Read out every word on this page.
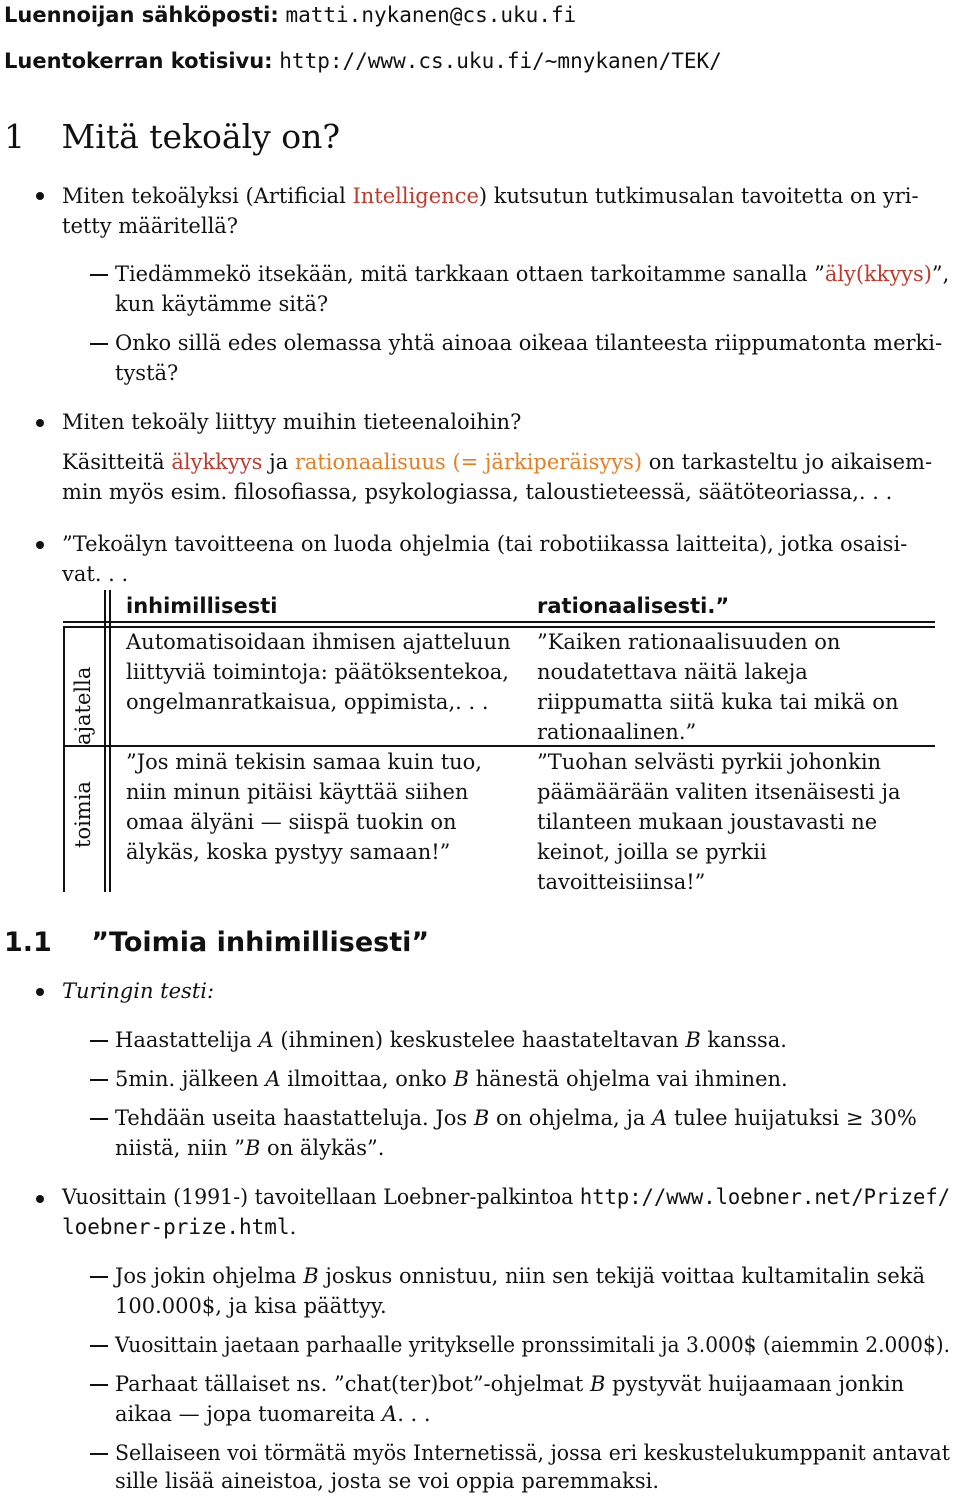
Luennoijan sähköposti: matti.nykanen@cs.uku.fi
Luentokerran kotisivu: http://www.cs.uku.fi/~mnykanen/TEK/
1 Mitä tekoäly on?
Miten tekoälyksi (Artificial Intelligence) kutsutun tutkimusalan tavoitetta on yri-
tetty määritellä?
Tiedämmekö itsekään, mitä tarkkaan ottaen tarkoitamme sanalla ”äly(kkyys)”,
kun käytämme sitä?
Onko sillä edes olemassa yhtä ainoaa oikeaa tilanteesta riippumatonta merki-
tystä?
Miten tekoäly liittyy muihin tieteenaloihin?
Käsitteitä älykkyys ja rationaalisuus (= järkiperäisyys) on tarkasteltu jo aikaisem-
min myös esim. filosofiassa, psykologiassa, taloustieteessä, säätöteoriassa,. . .
”Tekoälyn tavoitteena on luoda ohjelmia (tai robotiikassa laitteita), jotka osaisi-
vat. . .
inhimillisesti	rationaalisesti.”
ajatella
toimia
Automatisoidaan ihmisen ajatteluun
liittyviä toimintoja: päätöksentekoa,
ongelmanratkaisua, oppimista,. . .
”Kaiken rationaalisuuden on
noudatettava näitä lakeja
riippumatta siitä kuka tai mikä on
rationaalinen.”
”Jos minä tekisin samaa kuin tuo,
niin minun pitäisi käyttää siihen
omaa älyäni — siispä tuokin on
älykäs, koska pystyy samaan!”
”Tuohan selvästi pyrkii johonkin
päämäärään valiten itsenäisesti ja
tilanteen mukaan joustavasti ne
keinot, joilla se pyrkii
tavoitteisiinsa!”
1.1 ”Toimia inhimillisesti”
Turingin testi:
Haastattelija A (ihminen) keskustelee haastateltavan B kanssa.
5min. jälkeen A ilmoittaa, onko B hänestä ohjelma vai ihminen.
Tehdään useita haastatteluja. Jos B on ohjelma, ja A tulee huijatuksi ≥ 30%
niistä, niin ”B on älykäs”.
Vuosittain (1991-) tavoitellaan Loebner-palkintoa http://www.loebner.net/Prizef/
loebner-prize.html.
Jos jokin ohjelma B joskus onnistuu, niin sen tekijä voittaa kultamitalin sekä
100.000$, ja kisa päättyy.
Vuosittain jaetaan parhaalle yritykselle pronssimitali ja 3.000$ (aiemmin 2.000$).
Parhaat tällaiset ns. ”chat(ter)bot”-ohjelmat B pystyvät huijaamaan jonkin
aikaa — jopa tuomareita A. . .
Sellaiseen voi törmätä myös Internetissä, jossa eri keskustelukumppanit antavat
sille lisää aineistoa, josta se voi oppia paremmaksi.
